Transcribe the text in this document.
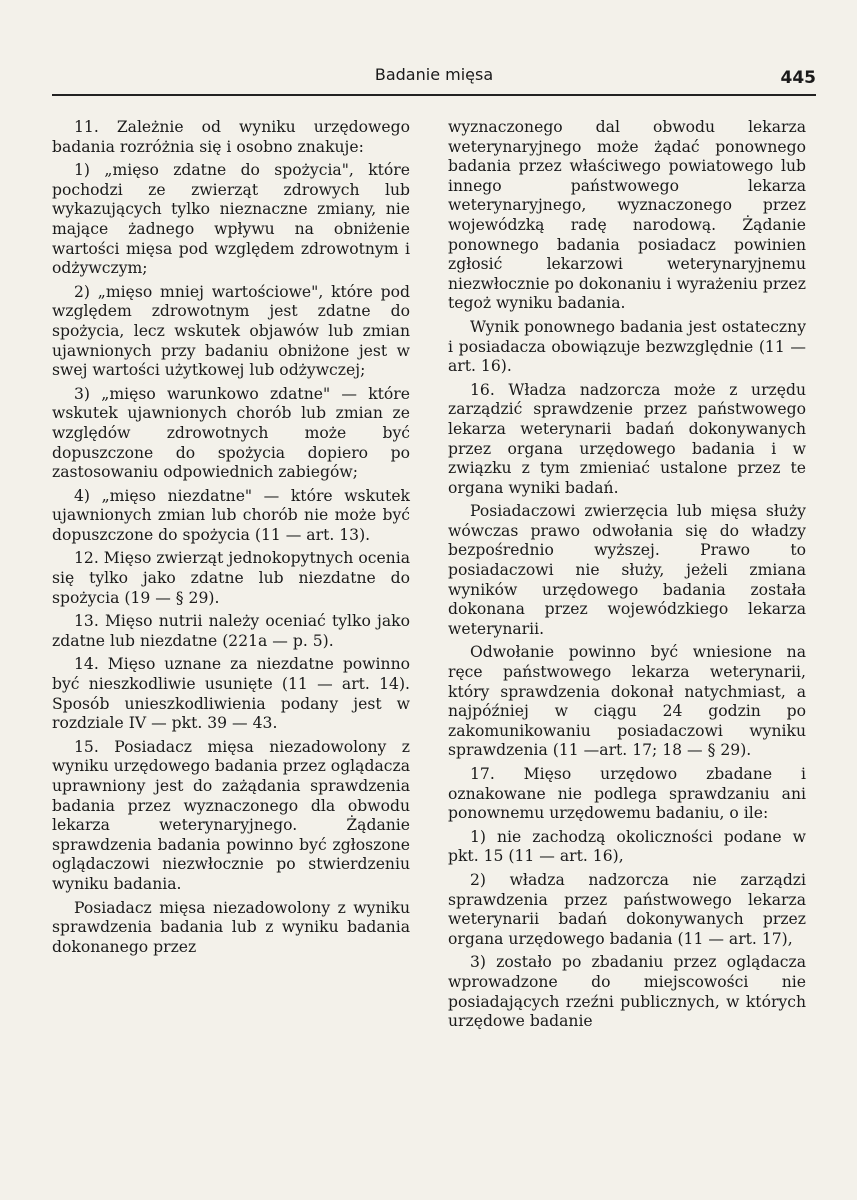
Badanie mięsa	445

11. Zależnie od wyniku urzędowego badania rozróżnia się i osobno znakuje:

1) „mięso zdatne do spożycia", które pochodzi ze zwierząt zdrowych lub wykazujących tylko nieznaczne zmiany, nie mające żadnego wpływu na obniżenie wartości mięsa pod względem zdrowotnym i odżywczym;

2) „mięso mniej wartościowe", które pod względem zdrowotnym jest zdatne do spożycia, lecz wskutek objawów lub zmian ujawnionych przy badaniu obniżone jest w swej wartości użytkowej lub odżywczej;

3) „mięso warunkowo zdatne" — które wskutek ujawnionych chorób lub zmian ze względów zdrowotnych może być dopuszczone do spożycia dopiero po zastosowaniu odpowiednich zabiegów;

4) „mięso niezdatne" — które wskutek ujawnionych zmian lub chorób nie może być dopuszczone do spożycia (11 — art. 13).

12. Mięso zwierząt jednokopytnych ocenia się tylko jako zdatne lub niezdatne do spożycia (19 — § 29).

13. Mięso nutrii należy oceniać tylko jako zdatne lub niezdatne (221a — p. 5).

14. Mięso uznane za niezdatne powinno być nieszkodliwie usunięte (11 — art. 14). Sposób unieszkodliwienia podany jest w rozdziale IV — pkt. 39 — 43.

15. Posiadacz mięsa niezadowolony z wyniku urzędowego badania przez oglądacza uprawniony jest do zażądania sprawdzenia badania przez wyznaczonego dla obwodu lekarza weterynaryjnego. Żądanie sprawdzenia badania powinno być zgłoszone oglądaczowi niezwłocznie po stwierdzeniu wyniku badania.

Posiadacz mięsa niezadowolony z wyniku sprawdzenia badania lub z wyniku badania dokonanego przez

wyznaczonego dal obwodu lekarza weterynaryjnego może żądać ponownego badania przez właściwego powiatowego lub innego państwowego lekarza weterynaryjnego, wyznaczonego przez wojewódzką radę narodową. Żądanie ponownego badania posiadacz powinien zgłosić lekarzowi weterynaryjnemu niezwłocznie po dokonaniu i wyrażeniu przez tegoż wyniku badania.

Wynik ponownego badania jest ostateczny i posiadacza obowiązuje bezwzględnie (11 — art. 16).

16. Władza nadzorcza może z urzędu zarządzić sprawdzenie przez państwowego lekarza weterynarii badań dokonywanych przez organa urzędowego badania i w związku z tym zmieniać ustalone przez te organa wyniki badań.

Posiadaczowi zwierzęcia lub mięsa służy wówczas prawo odwołania się do władzy bezpośrednio wyższej. Prawo to posiadaczowi nie służy, jeżeli zmiana wyników urzędowego badania została dokonana przez wojewódzkiego lekarza weterynarii.

Odwołanie powinno być wniesione na ręce państwowego lekarza weterynarii, który sprawdzenia dokonał natychmiast, a najpóźniej w ciągu 24 godzin po zakomunikowaniu posiadaczowi wyniku sprawdzenia (11 —art. 17; 18 — § 29).

17. Mięso urzędowo zbadane i oznakowane nie podlega sprawdzaniu ani ponownemu urzędowemu badaniu, o ile:

1) nie zachodzą okoliczności podane w pkt. 15 (11 — art. 16),

2) władza nadzorcza nie zarządzi sprawdzenia przez państwowego lekarza weterynarii badań dokonywanych przez organa urzędowego badania (11 — art. 17),

3) zostało po zbadaniu przez oglądacza wprowadzone do miejscowości nie posiadających rzeźni publicznych, w których urzędowe badanie
